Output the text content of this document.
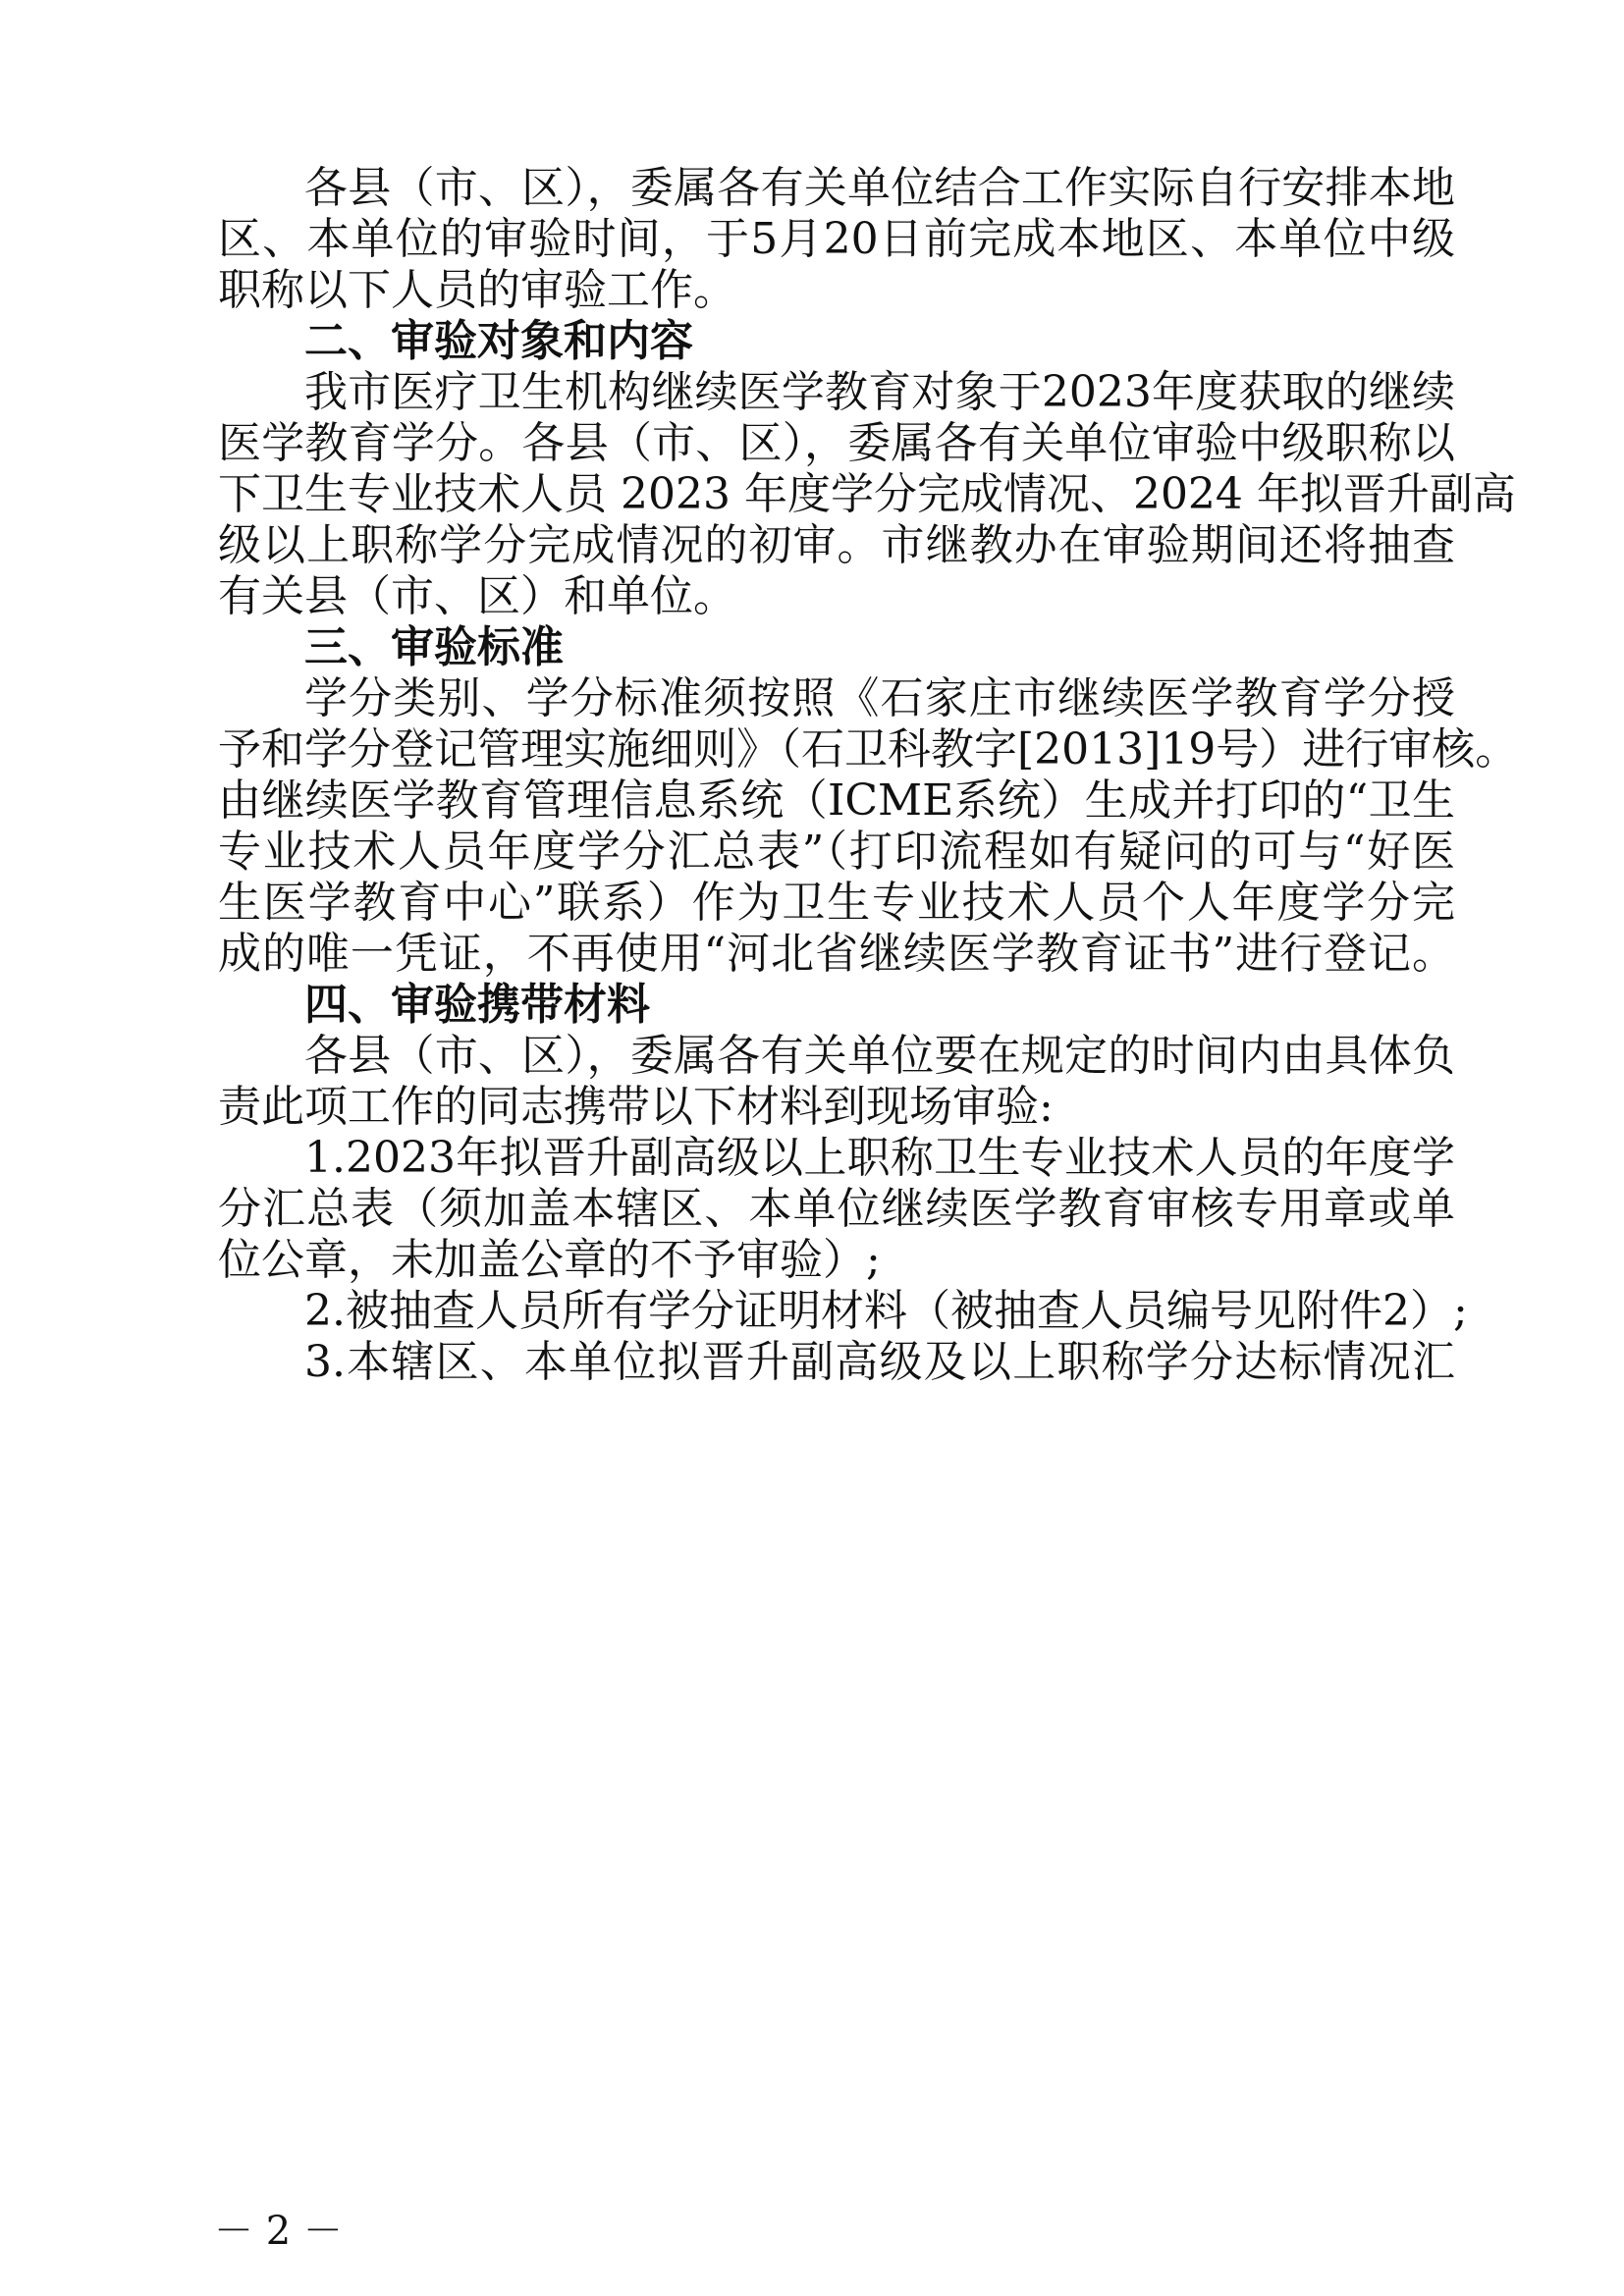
各县（市、区），委属各有关单位结合工作实际自行安排本地
区、本单位的审验时间，于5月20日前完成本地区、本单位中级
职称以下人员的审验工作。
二、审验对象和内容
我市医疗卫生机构继续医学教育对象于2023年度获取的继续
医学教育学分。各县（市、区），委属各有关单位审验中级职称以
下卫生专业技术人员 2023 年度学分完成情况、2024 年拟晋升副高
级以上职称学分完成情况的初审。市继教办在审验期间还将抽查
有关县（市、区）和单位。
三、审验标准
学分类别、学分标准须按照《石家庄市继续医学教育学分授
予和学分登记管理实施细则》（石卫科教字[2013]19号）进行审核。
由继续医学教育管理信息系统（ICME系统）生成并打印的“卫生
专业技术人员年度学分汇总表”（打印流程如有疑问的可与“好医
生医学教育中心”联系）作为卫生专业技术人员个人年度学分完
成的唯一凭证，不再使用“河北省继续医学教育证书”进行登记。
四、审验携带材料
各县（市、区），委属各有关单位要在规定的时间内由具体负
责此项工作的同志携带以下材料到现场审验:
1.2023年拟晋升副高级以上职称卫生专业技术人员的年度学
分汇总表（须加盖本辖区、本单位继续医学教育审核专用章或单
位公章，未加盖公章的不予审验）;
2.被抽查人员所有学分证明材料（被抽查人员编号见附件2）;
3.本辖区、本单位拟晋升副高级及以上职称学分达标情况汇
－ 2 －
